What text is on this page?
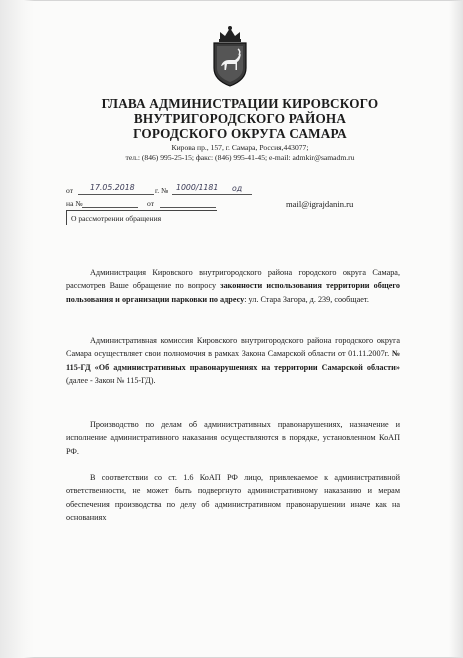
ГЛАВА АДМИНИСТРАЦИИ КИРОВСКОГО
ВНУТРИГОРОДСКОГО РАЙОНА
ГОРОДСКОГО ОКРУГА САМАРА
Кирова пр., 157, г. Самара, Россия,443077;
тел.: (846) 995-25-15; факс: (846) 995-41-45; e-mail: admkir@samadm.ru
от 17.05.2018	г. № 1000/1181 од
на №	от
О рассмотрении обращения
mail@igrajdanin.ru

Администрация Кировского внутригородского района городского округа Самара, рассмотрев Ваше обращение по вопросу законности использования территории общего пользования и организации парковки по адресу: ул. Стара Загора, д. 239, сообщает.

Административная комиссия Кировского внутригородского района городского округа Самара осуществляет свои полномочия в рамках Закона Самарской области от 01.11.2007г. № 115-ГД «Об административных правонарушениях на территории Самарской области» (далее - Закон № 115-ГД).

Производство по делам об административных правонарушениях, назначение и исполнение административного наказания осуществляются в порядке, установленном КоАП РФ.

В соответствии со ст. 1.6 КоАП РФ лицо, привлекаемое к административной ответственности, не может быть подвергнуто административному наказанию и мерам обеспечения производства по делу об административном правонарушении иначе как на основаниях
